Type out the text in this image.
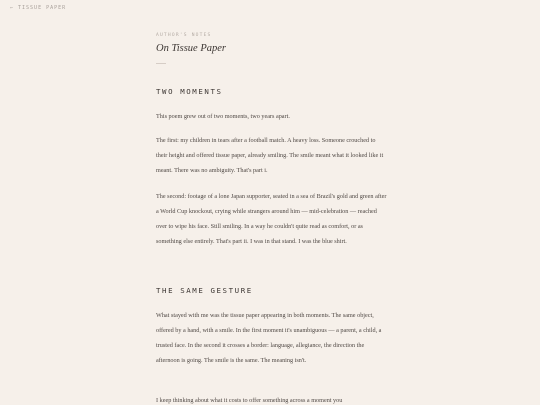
← TISSUE PAPER
AUTHOR'S NOTES
On Tissue Paper
TWO MOMENTS

This poem grew out of two moments, two years apart.

The first: my children in tears after a football match. A heavy loss. Someone crouched to their height and offered tissue paper, already smiling. The smile meant what it looked like it meant. There was no ambiguity. That's part i.

The second: footage of a lone Japan supporter, seated in a sea of Brazil's gold and green after a World Cup knockout, crying while strangers around him — mid-celebration — reached over to wipe his face. Still smiling. In a way he couldn't quite read as comfort, or as something else entirely. That's part ii. I was in that stand. I was the blue shirt.

THE SAME GESTURE

What stayed with me was the tissue paper appearing in both moments. The same object, offered by a hand, with a smile. In the first moment it's unambiguous — a parent, a child, a trusted face. In the second it crosses a border: language, allegiance, the direction the afternoon is going. The smile is the same. The meaning isn't.

I keep thinking about what it costs to offer something across a moment you
